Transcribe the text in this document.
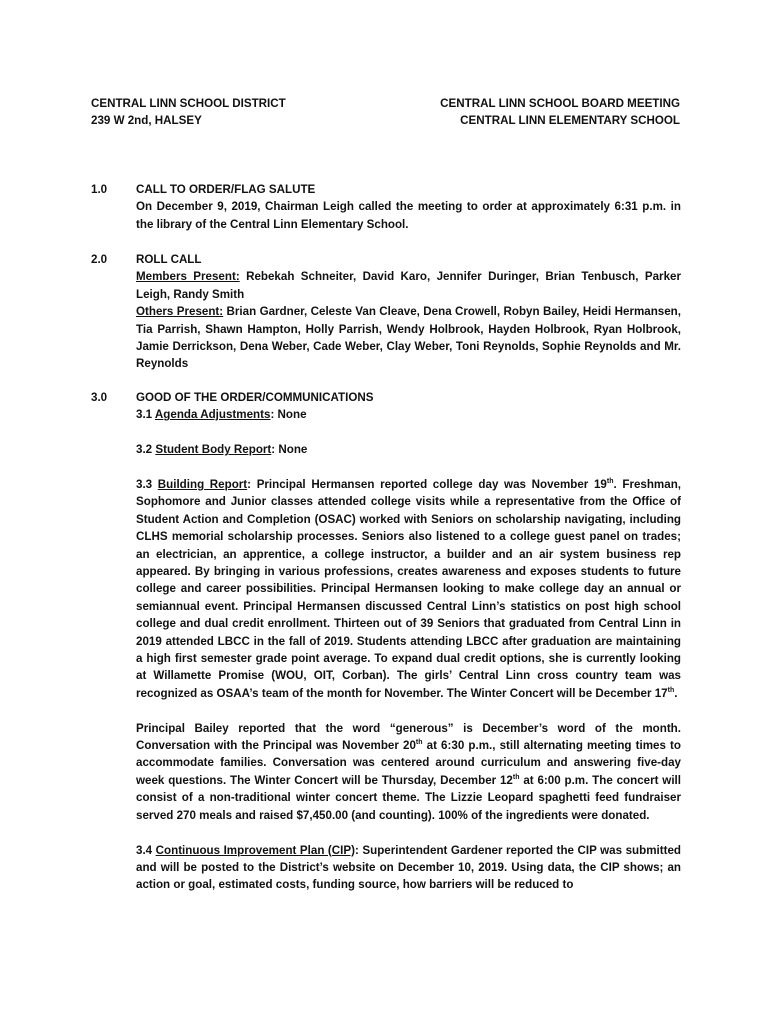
CENTRAL LINN SCHOOL DISTRICT
239 W 2nd, HALSEY
CENTRAL LINN SCHOOL BOARD MEETING
CENTRAL LINN ELEMENTARY SCHOOL
1.0 CALL TO ORDER/FLAG SALUTE

On December 9, 2019, Chairman Leigh called the meeting to order at approximately 6:31 p.m. in the library of the Central Linn Elementary School.

2.0 ROLL CALL

Members Present: Rebekah Schneiter, David Karo, Jennifer Duringer, Brian Tenbusch, Parker Leigh, Randy Smith

Others Present: Brian Gardner, Celeste Van Cleave, Dena Crowell, Robyn Bailey, Heidi Hermansen, Tia Parrish, Shawn Hampton, Holly Parrish, Wendy Holbrook, Hayden Holbrook, Ryan Holbrook, Jamie Derrickson, Dena Weber, Cade Weber, Clay Weber, Toni Reynolds, Sophie Reynolds and Mr. Reynolds

3.0 GOOD OF THE ORDER/COMMUNICATIONS

3.1 Agenda Adjustments: None

3.2 Student Body Report: None

3.3 Building Report: Principal Hermansen reported college day was November 19th. Freshman, Sophomore and Junior classes attended college visits while a representative from the Office of Student Action and Completion (OSAC) worked with Seniors on scholarship navigating, including CLHS memorial scholarship processes. Seniors also listened to a college guest panel on trades; an electrician, an apprentice, a college instructor, a builder and an air system business rep appeared. By bringing in various professions, creates awareness and exposes students to future college and career possibilities. Principal Hermansen looking to make college day an annual or semiannual event. Principal Hermansen discussed Central Linn’s statistics on post high school college and dual credit enrollment. Thirteen out of 39 Seniors that graduated from Central Linn in 2019 attended LBCC in the fall of 2019. Students attending LBCC after graduation are maintaining a high first semester grade point average. To expand dual credit options, she is currently looking at Willamette Promise (WOU, OIT, Corban). The girls’ Central Linn cross country team was recognized as OSAA’s team of the month for November. The Winter Concert will be December 17th.

Principal Bailey reported that the word “generous” is December’s word of the month. Conversation with the Principal was November 20th at 6:30 p.m., still alternating meeting times to accommodate families. Conversation was centered around curriculum and answering five-day week questions. The Winter Concert will be Thursday, December 12th at 6:00 p.m. The concert will consist of a non-traditional winter concert theme. The Lizzie Leopard spaghetti feed fundraiser served 270 meals and raised $7,450.00 (and counting). 100% of the ingredients were donated.

3.4 Continuous Improvement Plan (CIP): Superintendent Gardener reported the CIP was submitted and will be posted to the District’s website on December 10, 2019. Using data, the CIP shows; an action or goal, estimated costs, funding source, how barriers will be reduced to
